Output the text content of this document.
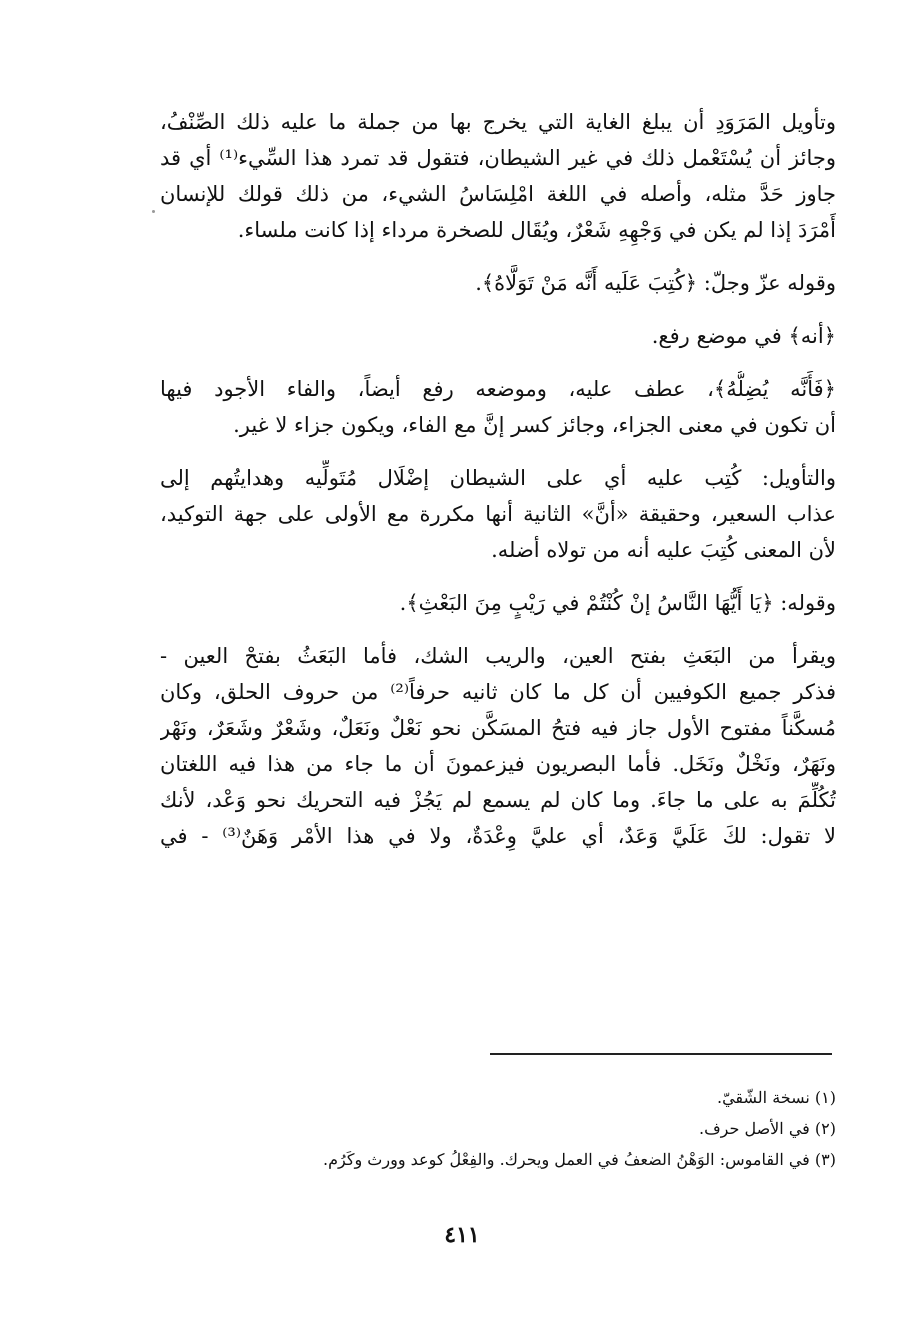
وتأويل المَرَوَدِ أن يبلغ الغاية التي يخرج بها من جملة ما عليه ذلك الصِّنْفُ،
وجائز أن يُسْتَعْمل ذلك في غير الشيطان، فتقول قد تمرد هذا السِّيء⁽¹⁾ أي قد
جاوز حَدَّ مثله، وأصله في اللغة امْلِسَاسُ الشيء، من ذلك قولك للإنسان
أَمْرَدَ إذا لم يكن في وَجْهِهِ شَعْرٌ، ويُقَال للصخرة مرداء إذا كانت ملساء.
وقوله عزّ وجلّ: ﴿كُتِبَ عَلَيه أَنَّه مَنْ تَوَلَّاهُ﴾.
﴿أنه﴾ في موضع رفع.
﴿فَأَنَّه يُضِلُّهُ﴾، عطف عليه، وموضعه رفع أيضاً، والفاء الأجود فيها
أن تكون في معنى الجزاء، وجائز كسر إنَّ مع الفاء، ويكون جزاء لا غير.
والتأويل: كُتِب عليه أي على الشيطان إضْلَال مُتَولِّيه وهدايتُهم إلى
عذاب السعير، وحقيقة «أنَّ» الثانية أنها مكررة مع الأولى على جهة التوكيد،
لأن المعنى كُتِبَ عليه أنه من تولاه أضله.
وقوله: ﴿يَا أَيُّهَا النَّاسُ إنْ كُنْتُمْ في رَيْبٍ مِنَ البَعْثِ﴾.
ويقرأ من البَعَثِ بفتح العين، والريب الشك، فأما البَعَثُ بفتحْ العين -
فذكر جميع الكوفيين أن كل ما كان ثانيه حرفاً⁽²⁾ من حروف الحلق، وكان
مُسكَّناً مفتوح الأول جاز فيه فتحُ المسَكَّن نحو نَعْلٌ ونَعَلٌ، وشَعْرٌ وشَعَرٌ، ونَهْر
ونَهَرٌ، ونَخْلٌ ونَخَل. فأما البصريون فيزعمونَ أن ما جاء من هذا فيه اللغتان
تُكُلِّمَ به على ما جاءَ. وما كان لم يسمع لم يَجُزْ فيه التحريك نحو وَعْد، لأنك
لا تقول: لكَ عَلَيَّ وَعَدٌ، أي عليَّ وِعْدَةٌ، ولا في هذا الأمْر وَهَنٌ⁽³⁾ - في
(١) نسخة الشّقيّ.
(٢) في الأصل حرف.
(٣) في القاموس: الوَهْنُ الضعفُ في العمل ويحرك. والفِعْلُ كوعد وورث وكَرُم.
٤١١
